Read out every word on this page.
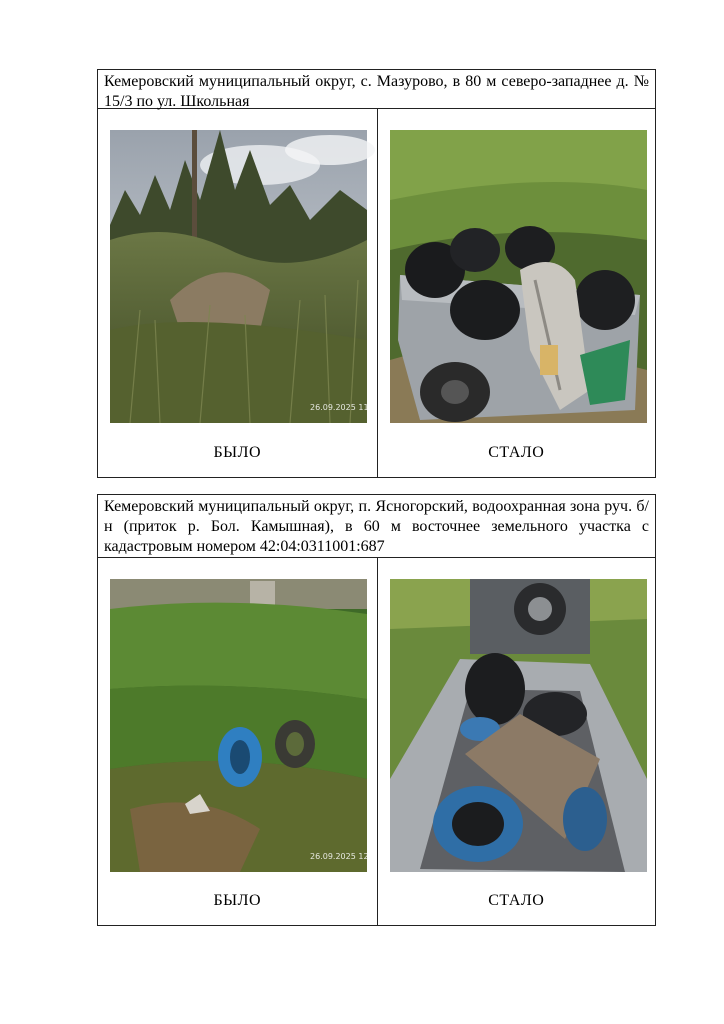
Кемеровский муниципальный округ, с. Мазурово, в 80 м северо-западнее д. № 15/3 по ул. Школьная
26.09.2025 11:39
БЫЛО	СТАЛО
Кемеровский муниципальный округ, п. Ясногорский, водоохранная зона руч. б/н (приток р. Бол. Камышная), в 60 м восточнее земельного участка с кадастровым номером 42:04:0311001:687
26.09.2025 12:30
БЫЛО	СТАЛО
